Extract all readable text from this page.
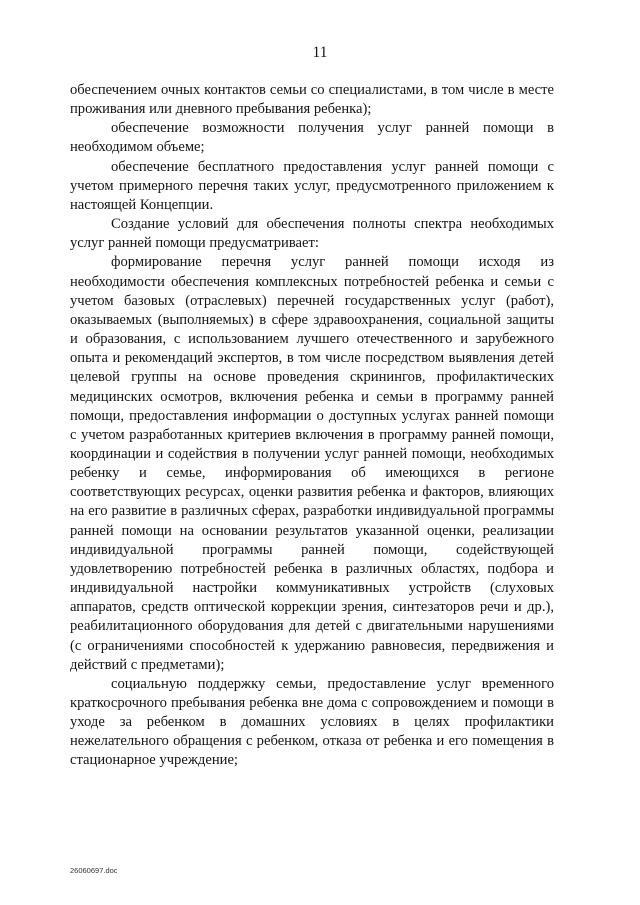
11

обеспечением очных контактов семьи со специалистами, в том числе в месте проживания или дневного пребывания ребенка);

обеспечение возможности получения услуг ранней помощи в необходимом объеме;

обеспечение бесплатного предоставления услуг ранней помощи с учетом примерного перечня таких услуг, предусмотренного приложением к настоящей Концепции.

Создание условий для обеспечения полноты спектра необходимых услуг ранней помощи предусматривает:

формирование перечня услуг ранней помощи исходя из необходимости обеспечения комплексных потребностей ребенка и семьи с учетом базовых (отраслевых) перечней государственных услуг (работ), оказываемых (выполняемых) в сфере здравоохранения, социальной защиты и образования, с использованием лучшего отечественного и зарубежного опыта и рекомендаций экспертов, в том числе посредством выявления детей целевой группы на основе проведения скринингов, профилактических медицинских осмотров, включения ребенка и семьи в программу ранней помощи, предоставления информации о доступных услугах ранней помощи с учетом разработанных критериев включения в программу ранней помощи, координации и содействия в получении услуг ранней помощи, необходимых ребенку и семье, информирования об имеющихся в регионе соответствующих ресурсах, оценки развития ребенка и факторов, влияющих на его развитие в различных сферах, разработки индивидуальной программы ранней помощи на основании результатов указанной оценки, реализации индивидуальной программы ранней помощи, содействующей удовлетворению потребностей ребенка в различных областях, подбора и индивидуальной настройки коммуникативных устройств (слуховых аппаратов, средств оптической коррекции зрения, синтезаторов речи и др.), реабилитационного оборудования для детей с двигательными нарушениями (с ограничениями способностей к удержанию равновесия, передвижения и действий с предметами);

социальную поддержку семьи, предоставление услуг временного краткосрочного пребывания ребенка вне дома с сопровождением и помощи в уходе за ребенком в домашних условиях в целях профилактики нежелательного обращения с ребенком, отказа от ребенка и его помещения в стационарное учреждение;

26060697.doc
